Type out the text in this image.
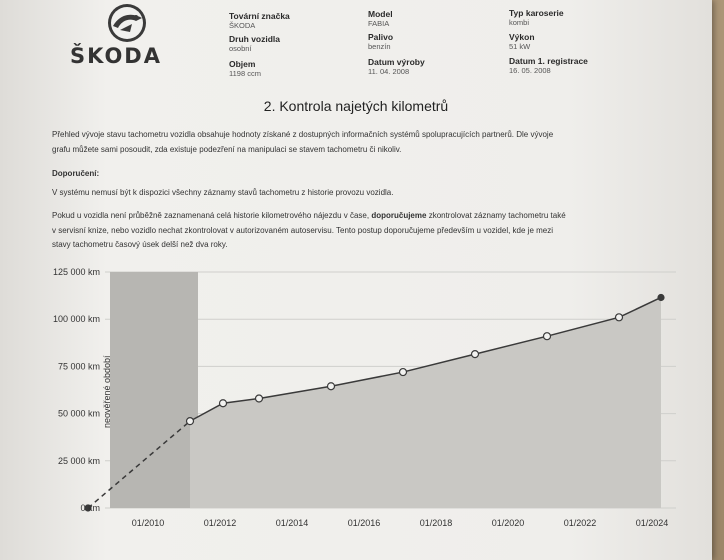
ŠKODA
Tovární značka
ŠKODA
Model
FABIA
Typ karoserie
kombi
Druh vozidla
osobní
Palivo
benzín
Výkon
51 kW
Objem
1198 ccm
Datum výroby
11. 04. 2008
Datum 1. registrace
16. 05. 2008
2. Kontrola najetých kilometrů
Přehled vývoje stavu tachometru vozidla obsahuje hodnoty získané z dostupných informačních systémů spolupracujících partnerů. Dle vývoje
grafu můžete sami posoudit, zda existuje podezření na manipulaci se stavem tachometru či nikoliv.
Doporučení:
V systému nemusí být k dispozici všechny záznamy stavů tachometru z historie provozu vozidla.
Pokud u vozidla není průběžně zaznamenaná celá historie kilometrového nájezdu v čase, doporučujeme zkontrolovat záznamy tachometru také
v servisní knize, nebo vozidlo nechat zkontrolovat v autorizovaném autoservisu. Tento postup doporučujeme především u vozidel, kde je mezi
stavy tachometru časový úsek delší než dva roky.
neověřené období
0 km
25 000 km
50 000 km
75 000 km
100 000 km
125 000 km
01/2010	01/2012	01/2014	01/2016	01/2018	01/2020	01/2022	01/2024
